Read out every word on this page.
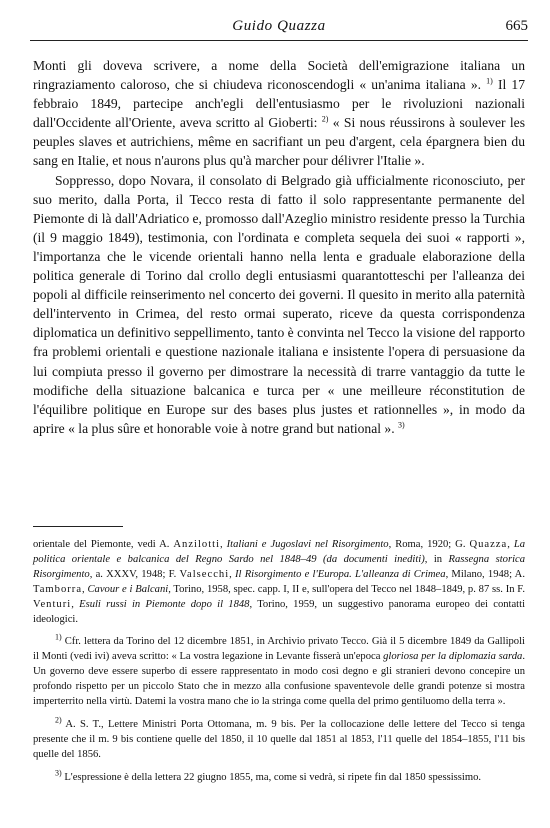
Guido Quazza	665

Monti gli doveva scrivere, a nome della Società dell'emigrazione italiana un ringraziamento caloroso, che si chiudeva riconoscendogli « un'anima italiana ». $^{1)}$ Il 17 febbraio 1849, partecipe anch'egli dell'entusiasmo per le rivoluzioni nazionali dall'Occidente all'Oriente, aveva scritto al Gioberti: $^{2)}$ « Si nous réussirons à soulever les peuples slaves et autrichiens, même en sacrifiant un peu d'argent, cela épargnera bien du sang en Italie, et nous n'aurons plus qu'à marcher pour délivrer l'Italie ».

Soppresso, dopo Novara, il consolato di Belgrado già ufficialmente riconosciuto, per suo merito, dalla Porta, il Tecco resta di fatto il solo rappresentante permanente del Piemonte di là dall'Adriatico e, promosso dall'Azeglio ministro residente presso la Turchia (il 9 maggio 1849), testimonia, con l'ordinata e completa sequela dei suoi « rapporti », l'importanza che le vicende orientali hanno nella lenta e graduale elaborazione della politica generale di Torino dal crollo degli entusiasmi quarantotteschi per l'alleanza dei popoli al difficile reinserimento nel concerto dei governi. Il quesito in merito alla paternità dell'intervento in Crimea, del resto ormai superato, riceve da questa corrispondenza diplomatica un definitivo seppellimento, tanto è convinta nel Tecco la visione del rapporto fra problemi orientali e questione nazionale italiana e insistente l'opera di persuasione da lui compiuta presso il governo per dimostrare la necessità di trarre vantaggio da tutte le modifiche della situazione balcanica e turca per « une meilleure réconstitution de l'équilibre politique en Europe sur des bases plus justes et rationnelles », in modo da aprire « la plus sûre et honorable voie à notre grand but national ». $^{3)}$

orientale del Piemonte, vedi A. Anzilotti, Italiani e Jugoslavi nel Risorgimento, Roma, 1920; G. Quazza, La politica orientale e balcanica del Regno Sardo nel 1848–49 (da documenti inediti), in Rassegna storica Risorgimento, a. XXXV, 1948; F. Valsecchi, Il Risorgimento e l'Europa. L'alleanza di Crimea, Milano, 1948; A. Tamborra, Cavour e i Balcani, Torino, 1958, spec. capp. I, II e, sull'opera del Tecco nel 1848–1849, p. 87 ss. In F. Venturi, Esuli russi in Piemonte dopo il 1848, Torino, 1959, un suggestivo panorama europeo dei contatti ideologici.

$^{1)}$ Cfr. lettera da Torino del 12 dicembre 1851, in Archivio privato Tecco. Già il 5 dicembre 1849 da Gallipoli il Monti (vedi ivi) aveva scritto: « La vostra legazione in Levante fisserà un'epoca gloriosa per la diplomazia sarda. Un governo deve essere superbo di essere rappresentato in modo così degno e gli stranieri devono concepire un profondo rispetto per un piccolo Stato che in mezzo alla confusione spaventevole delle grandi potenze si mostra imperterrito nella virtù. Datemi la vostra mano che io la stringa come quella del primo gentiluomo della terra ».

$^{2)}$ A. S. T., Lettere Ministri Porta Ottomana, m. 9 bis. Per la collocazione delle lettere del Tecco si tenga presente che il m. 9 bis contiene quelle del 1850, il 10 quelle dal 1851 al 1853, l'11 quelle del 1854–1855, l'11 bis quelle del 1856.

$^{3)}$ L'espressione è della lettera 22 giugno 1855, ma, come si vedrà, si ripete fin dal 1850 spessissimo.
